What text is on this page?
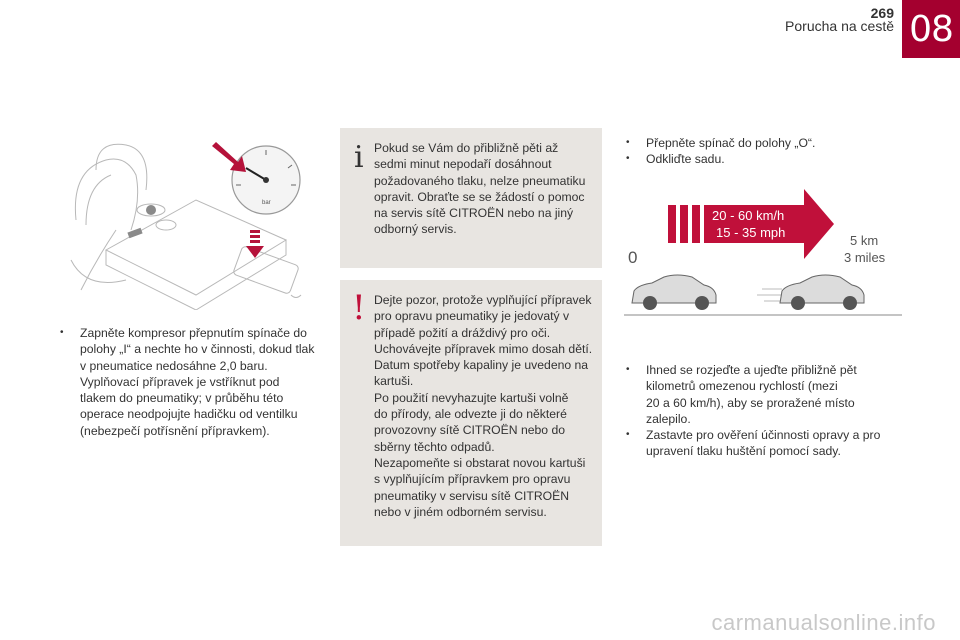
269
Porucha na cestě 08
bar
• Zapněte kompresor přepnutím spínače do
polohy „I“ a nechte ho v činnosti, dokud tlak
v pneumatice nedosáhne 2,0 baru.
Vyplňovací přípravek je vstříknut pod
tlakem do pneumatiky; v průběhu této
operace neodpojujte hadičku od ventilku
(nebezpečí potřísnění přípravkem).
i Pokud se Vám do přibližně pěti až
sedmi minut nepodaří dosáhnout
požadovaného tlaku, nelze pneumatiku
opravit. Obraťte se se žádostí o pomoc
na servis sítě CITROËN nebo na jiný
odborný servis.
! Dejte pozor, protože vyplňující přípravek
pro opravu pneumatiky je jedovatý v
případě požití a dráždivý pro oči.
Uchovávejte přípravek mimo dosah dětí.
Datum spotřeby kapaliny je uvedeno na
kartuši.
Po použití nevyhazujte kartuši volně
do přírody, ale odvezte ji do některé
provozovny sítě CITROËN nebo do
sběrny těchto odpadů.
Nezapomeňte si obstarat novou kartuši
s vyplňujícím přípravkem pro opravu
pneumatiky v servisu sítě CITROËN
nebo v jiném odborném servisu.
• Přepněte spínač do polohy „O“.
• Odkliďte sadu.
20 - 60 km/h
15 - 35 mph
0
5 km
3 miles
• Ihned se rozjeďte a ujeďte přibližně pět
kilometrů omezenou rychlostí (mezi
20 a 60 km/h), aby se proražené místo
zalepilo.
• Zastavte pro ověření účinnosti opravy a pro
upravení tlaku huštění pomocí sady.
carmanualsonline.info
